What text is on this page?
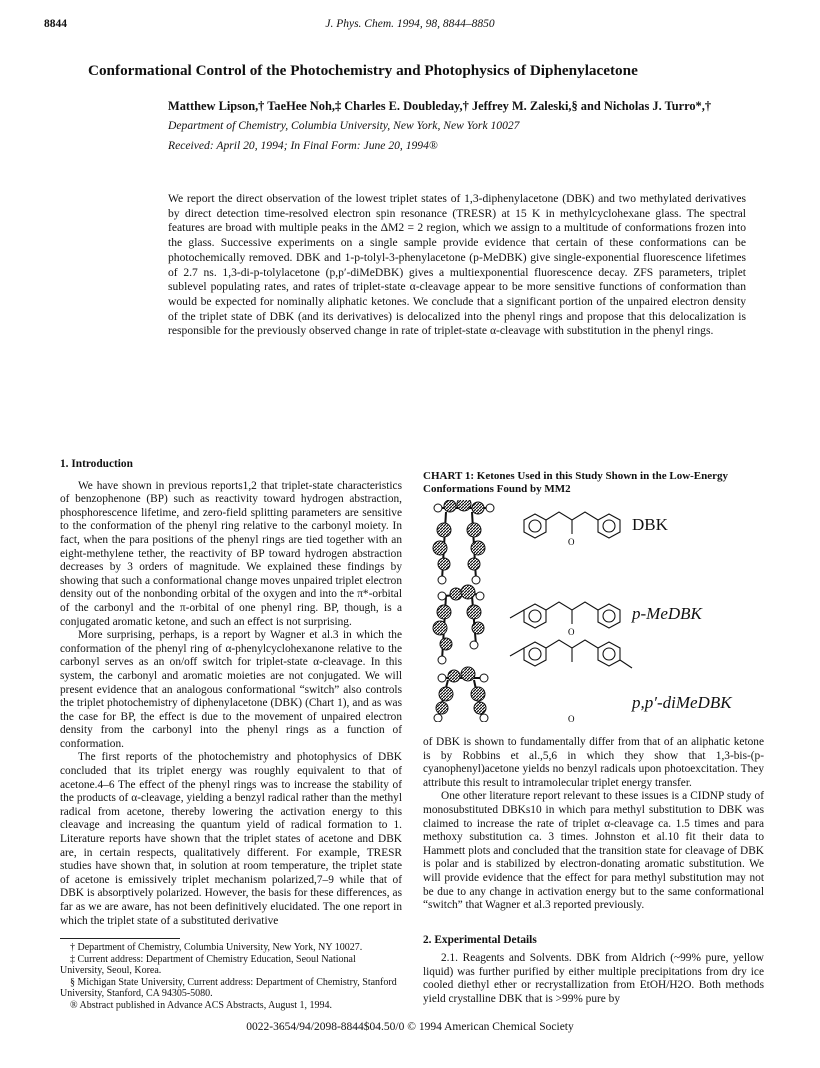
8844	J. Phys. Chem. 1994, 98, 8844–8850
Conformational Control of the Photochemistry and Photophysics of Diphenylacetone
Matthew Lipson,† TaeHee Noh,‡ Charles E. Doubleday,† Jeffrey M. Zaleski,§ and Nicholas J. Turro*,†
Department of Chemistry, Columbia University, New York, New York 10027
Received: April 20, 1994; In Final Form: June 20, 1994®
We report the direct observation of the lowest triplet states of 1,3-diphenylacetone (DBK) and two methylated derivatives by direct detection time-resolved electron spin resonance (TRESR) at 15 K in methylcyclohexane glass. The spectral features are broad with multiple peaks in the ΔM2 = 2 region, which we assign to a multitude of conformations frozen into the glass. Successive experiments on a single sample provide evidence that certain of these conformations can be photochemically removed. DBK and 1-p-tolyl-3-phenylacetone (p-MeDBK) give single-exponential fluorescence lifetimes of 2.7 ns. 1,3-di-p-tolylacetone (p,p′-diMeDBK) gives a multiexponential fluorescence decay. ZFS parameters, triplet sublevel populating rates, and rates of triplet-state α-cleavage appear to be more sensitive functions of conformation than would be expected for nominally aliphatic ketones. We conclude that a significant portion of the unpaired electron density of the triplet state of DBK (and its derivatives) is delocalized into the phenyl rings and propose that this delocalization is responsible for the previously observed change in rate of triplet-state α-cleavage with substitution in the phenyl rings.
1. Introduction

We have shown in previous reports1,2 that triplet-state characteristics of benzophenone (BP) such as reactivity toward hydrogen abstraction, phosphorescence lifetime, and zero-field splitting parameters are sensitive to the conformation of the phenyl ring relative to the carbonyl moiety. In fact, when the para positions of the phenyl rings are tied together with an eight-methylene tether, the reactivity of BP toward hydrogen abstraction decreases by 3 orders of magnitude. We explained these findings by showing that such a conformational change moves unpaired triplet electron density out of the nonbonding orbital of the oxygen and into the π*-orbital of the carbonyl and the π-orbital of one phenyl ring. BP, though, is a conjugated aromatic ketone, and such an effect is not surprising.

More surprising, perhaps, is a report by Wagner et al.3 in which the conformation of the phenyl ring of α-phenylcyclohexanone relative to the carbonyl serves as an on/off switch for triplet-state α-cleavage. In this system, the carbonyl and aromatic moieties are not conjugated. We will present evidence that an analogous conformational “switch” also controls the triplet photochemistry of diphenylacetone (DBK) (Chart 1), and as was the case for BP, the effect is due to the movement of unpaired electron density from the carbonyl into the phenyl rings as a function of conformation.

The first reports of the photochemistry and photophysics of DBK concluded that its triplet energy was roughly equivalent to that of acetone.4–6 The effect of the phenyl rings was to increase the stability of the products of α-cleavage, yielding a benzyl radical rather than the methyl radical from acetone, thereby lowering the activation energy to this cleavage and increasing the quantum yield of radical formation to 1. Literature reports have shown that the triplet states of acetone and DBK are, in certain respects, qualitatively different. For example, TRESR studies have shown that, in solution at room temperature, the triplet state of acetone is emissively triplet mechanism polarized,7–9 while that of DBK is absorptively polarized. However, the basis for these differences, as far as we are aware, has not been definitively elucidated. The one report in which the triplet state of a substituted derivative

CHART 1: Ketones Used in this Study Shown in the Low-Energy Conformations Found by MM2
O
O
O
DBK
p-MeDBK
p,p′-diMeDBK

of DBK is shown to fundamentally differ from that of an aliphatic ketone is by Robbins et al.,5,6 in which they show that 1,3-bis-(p-cyanophenyl)acetone yields no benzyl radicals upon photoexcitation. They attribute this result to intramolecular triplet energy transfer.

One other literature report relevant to these issues is a CIDNP study of monosubstituted DBKs10 in which para methyl substitution to DBK was claimed to increase the rate of triplet α-cleavage ca. 1.5 times and para methoxy substitution ca. 3 times. Johnston et al.10 fit their data to Hammett plots and concluded that the transition state for cleavage of DBK is polar and is stabilized by electron-donating aromatic substitution. We will provide evidence that the effect for para methyl substitution may not be due to any change in activation energy but to the same conformational “switch” that Wagner et al.3 reported previously.

2. Experimental Details
2.1. Reagents and Solvents. DBK from Aldrich (~99% pure, yellow liquid) was further purified by either multiple precipitations from dry ice cooled diethyl ether or recrystallization from EtOH/H2O. Both methods yield crystalline DBK that is >99% pure by
† Department of Chemistry, Columbia University, New York, NY 10027.
‡ Current address: Department of Chemistry Education, Seoul National University, Seoul, Korea.
§ Michigan State University, Current address: Department of Chemistry, Stanford University, Stanford, CA 94305-5080.
® Abstract published in Advance ACS Abstracts, August 1, 1994.
0022-3654/94/2098-8844$04.50/0 © 1994 American Chemical Society
